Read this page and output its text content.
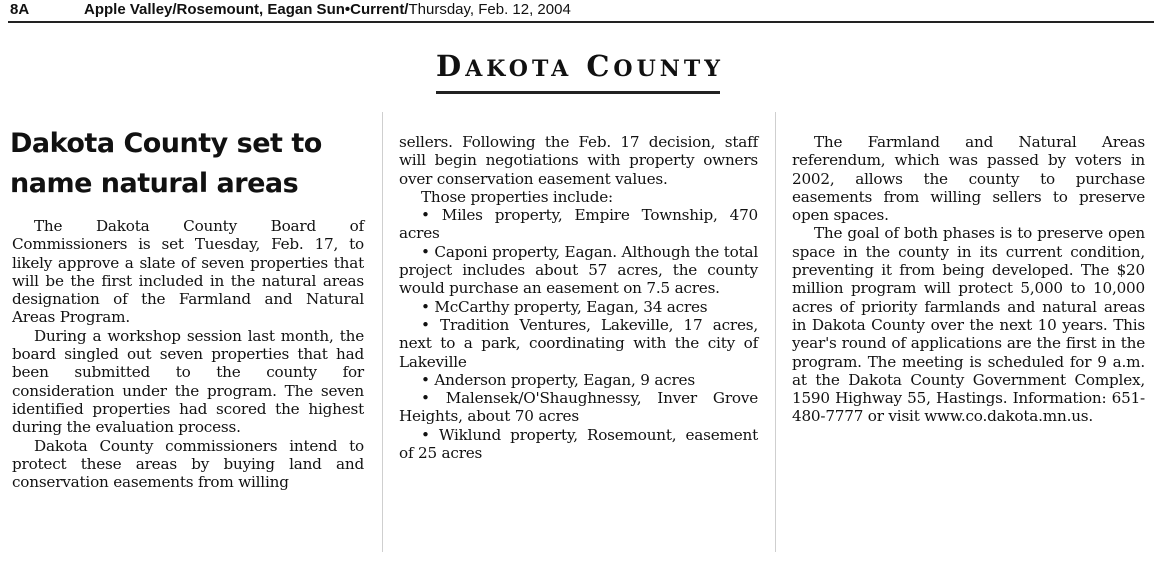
8A	Apple Valley/Rosemount, Eagan Sun•Current/Thursday, Feb. 12, 2004
DAKOTA COUNTY
Dakota County set to name natural areas

The Dakota County Board of Commissioners is set Tuesday, Feb. 17, to likely approve a slate of seven properties that will be the first included in the natural areas designation of the Farmland and Natural Areas Program.

During a workshop session last month, the board singled out seven properties that had been submitted to the county for consideration under the program. The seven identified properties had scored the highest during the evaluation process.

Dakota County commissioners intend to protect these areas by buying land and conservation easements from willing

sellers. Following the Feb. 17 decision, staff will begin negotiations with property owners over conservation easement values.

Those properties include:

• Miles property, Empire Township, 470 acres

• Caponi property, Eagan. Although the total project includes about 57 acres, the county would purchase an easement on 7.5 acres.

• McCarthy property, Eagan, 34 acres

• Tradition Ventures, Lakeville, 17 acres, next to a park, coordinating with the city of Lakeville

• Anderson property, Eagan, 9 acres

• Malensek/O'Shaughnessy, Inver Grove Heights, about 70 acres

• Wiklund property, Rosemount, easement of 25 acres

The Farmland and Natural Areas referendum, which was passed by voters in 2002, allows the county to purchase easements from willing sellers to preserve open spaces.

The goal of both phases is to preserve open space in the county in its current condition, preventing it from being developed. The $20 million program will protect 5,000 to 10,000 acres of priority farmlands and natural areas in Dakota County over the next 10 years. This year's round of applications are the first in the program. The meeting is scheduled for 9 a.m. at the Dakota County Government Complex, 1590 Highway 55, Hastings. Information: 651-480-7777 or visit www.co.dakota.mn.us.
